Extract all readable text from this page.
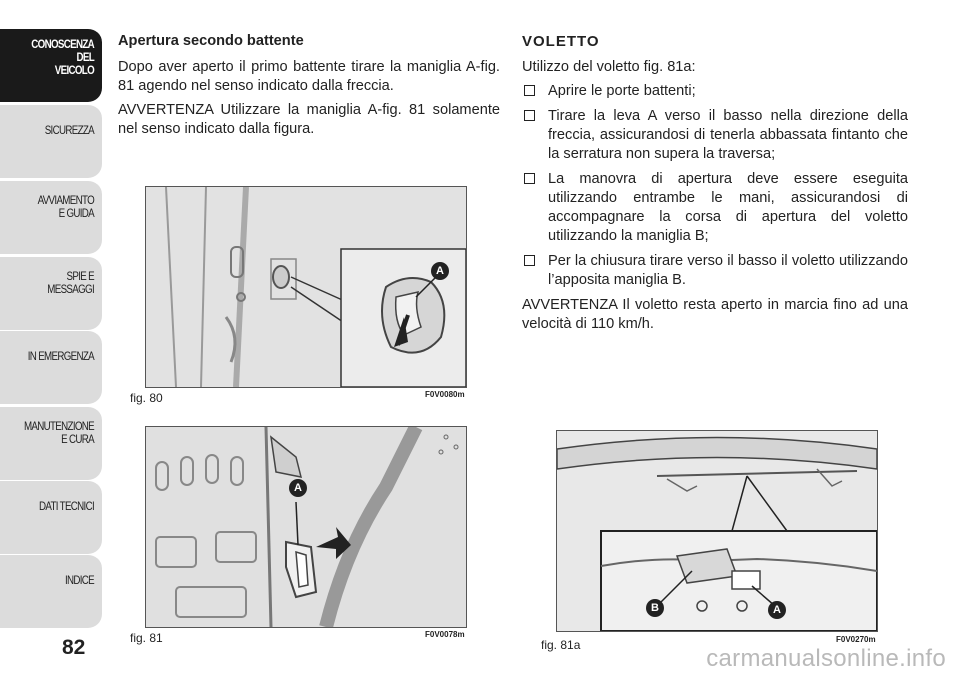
CONOSCENZA
DEL
VEICOLO
SICUREZZA
AVVIAMENTO
E GUIDA
SPIE E
MESSAGGI
IN EMERGENZA
MANUTENZIONE
E CURA
DATI TECNICI
INDICE
82
Apertura secondo battente

Dopo aver aperto il primo battente tirare la maniglia A-fig. 81 agendo nel senso indicato dalla freccia.

AVVERTENZA Utilizzare la maniglia A-fig. 81 solamente nel senso indicato dalla figura.

VOLETTO

Utilizzo del voletto fig. 81a:

Aprire le porte battenti;
Tirare la leva A verso il basso nella direzione della freccia, assicurandosi di tenerla abbassata fintanto che la serratura non supera la traversa;
La manovra di apertura deve essere eseguita utilizzando entrambe le mani, assicurandosi di accompagnare la corsa di apertura del voletto utilizzando la maniglia B;
Per la chiusura tirare verso il basso il voletto utilizzando l’apposita maniglia B.

AVVERTENZA Il voletto resta aperto in marcia fino ad una velocità di 110 km/h.

A
fig. 80	F0V0080m
A
fig. 81	F0V0078m
B	A
fig. 81a	F0V0270m
carmanualsonline.info
